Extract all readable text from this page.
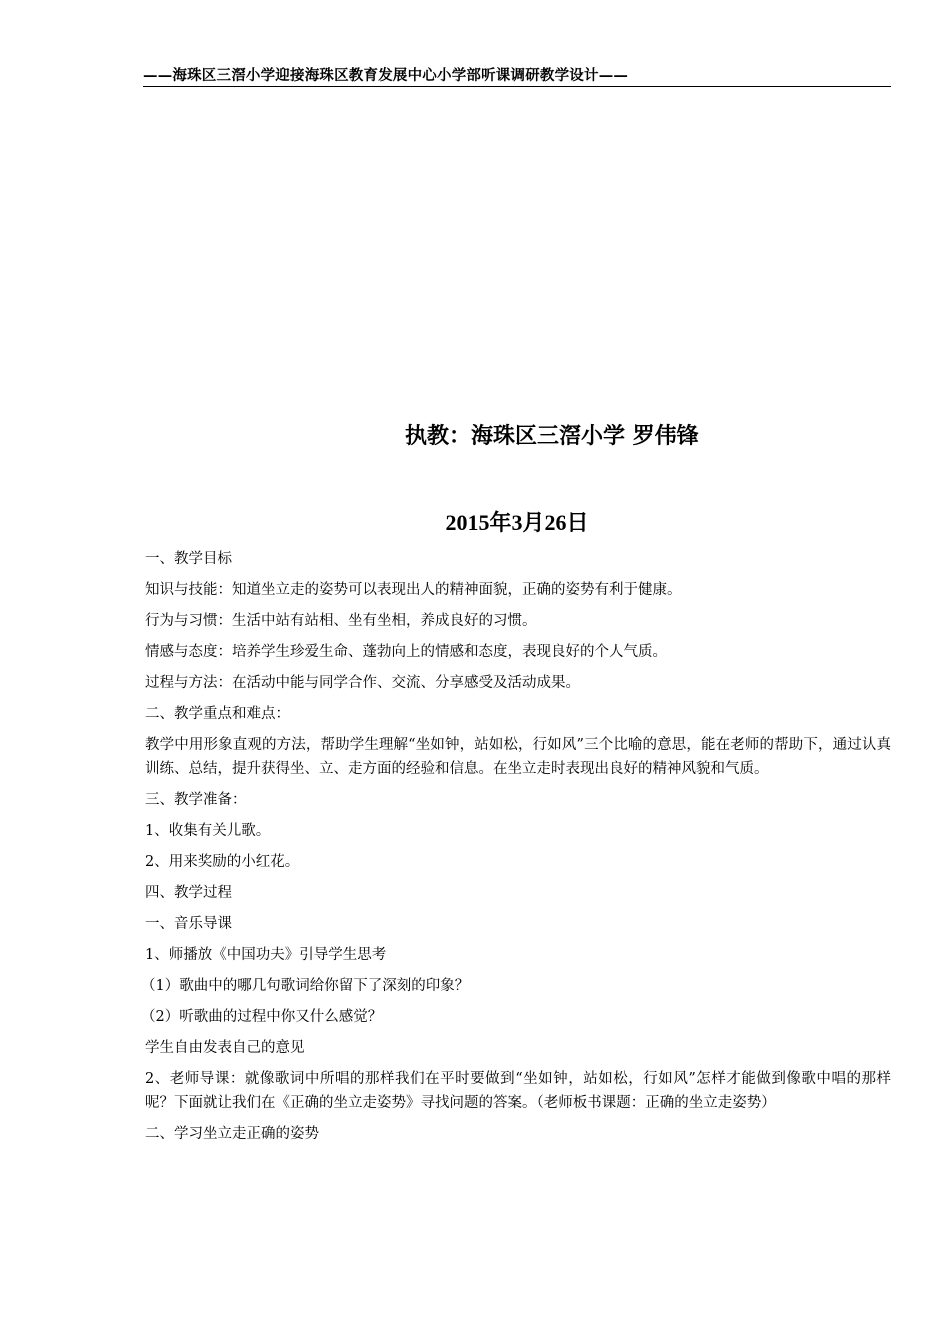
——海珠区三滘小学迎接海珠区教育发展中心小学部听课调研教学设计——
执教：海珠区三滘小学 罗伟锋
2015年3月26日

一、教学目标

知识与技能：知道坐立走的姿势可以表现出人的精神面貌，正确的姿势有利于健康。

行为与习惯：生活中站有站相、坐有坐相，养成良好的习惯。

情感与态度：培养学生珍爱生命、蓬勃向上的情感和态度，表现良好的个人气质。

过程与方法：在活动中能与同学合作、交流、分享感受及活动成果。

二、教学重点和难点：

教学中用形象直观的方法，帮助学生理解“坐如钟，站如松，行如风”三个比喻的意思，能在老师的帮助下，通过认真训练、总结，提升获得坐、立、走方面的经验和信息。在坐立走时表现出良好的精神风貌和气质。

三、教学准备：

1、收集有关儿歌。

2、用来奖励的小红花。

四、教学过程

一、音乐导课

1、师播放《中国功夫》引导学生思考

（1）歌曲中的哪几句歌词给你留下了深刻的印象？

（2）听歌曲的过程中你又什么感觉？

学生自由发表自己的意见

2、老师导课：就像歌词中所唱的那样我们在平时要做到“坐如钟，站如松，行如风”怎样才能做到像歌中唱的那样呢？下面就让我们在《正确的坐立走姿势》寻找问题的答案。（老师板书课题：正确的坐立走姿势）

二、学习坐立走正确的姿势
